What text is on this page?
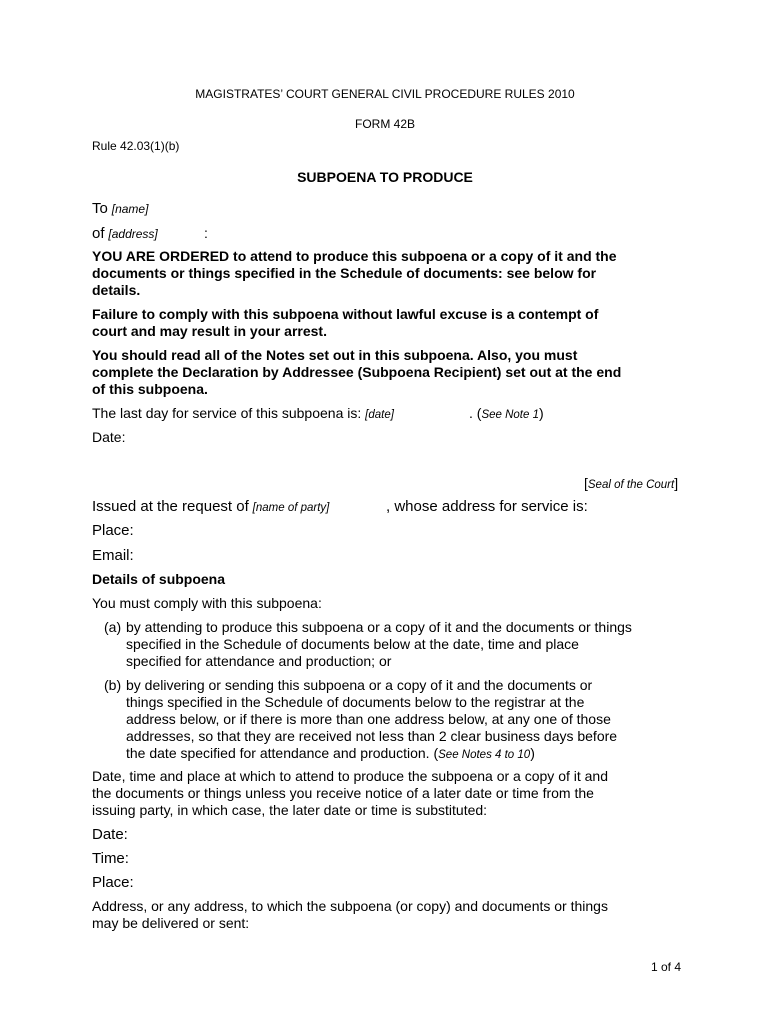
MAGISTRATES’ COURT GENERAL CIVIL PROCEDURE RULES 2010
FORM 42B
Rule 42.03(1)(b)
SUBPOENA TO PRODUCE
To [name]
of [address]	:
YOU ARE ORDERED to attend to produce this subpoena or a copy of it and the
documents or things specified in the Schedule of documents: see below for
details.
Failure to comply with this subpoena without lawful excuse is a contempt of
court and may result in your arrest.
You should read all of the Notes set out in this subpoena. Also, you must
complete the Declaration by Addressee (Subpoena Recipient) set out at the end
of this subpoena.
The last day for service of this subpoena is: [date]	. (See Note 1)
Date:
[Seal of the Court]
Issued at the request of [name of party]	, whose address for service is:
Place:
Email:
Details of subpoena
You must comply with this subpoena:
(a) by attending to produce this subpoena or a copy of it and the documents or things
specified in the Schedule of documents below at the date, time and place
specified for attendance and production; or
(b) by delivering or sending this subpoena or a copy of it and the documents or
things specified in the Schedule of documents below to the registrar at the
address below, or if there is more than one address below, at any one of those
addresses, so that they are received not less than 2 clear business days before
the date specified for attendance and production. (See Notes 4 to 10)
Date, time and place at which to attend to produce the subpoena or a copy of it and
the documents or things unless you receive notice of a later date or time from the
issuing party, in which case, the later date or time is substituted:
Date:
Time:
Place:
Address, or any address, to which the subpoena (or copy) and documents or things
may be delivered or sent:
1 of 4
